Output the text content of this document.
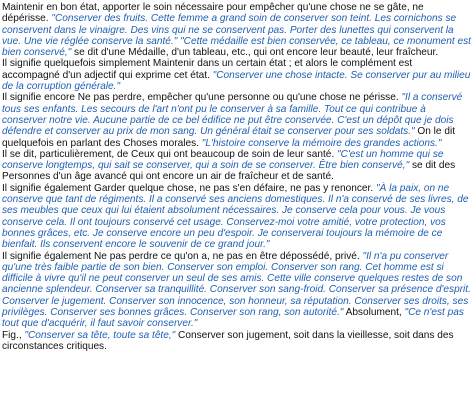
Maintenir en bon état, apporter le soin nécessaire pour empêcher qu'une chose ne se gâte, ne dépérisse. "Conserver des fruits. Cette femme a grand soin de conserver son teint. Les cornichons se conservent dans le vinaigre. Des vins qui ne se conservent pas. Porter des lunettes qui conservent la vue. Une vie réglée conserve la santé." "Cette médaille est bien conservée, ce tableau, ce monument est bien conservé," se dit d'une Médaille, d'un tableau, etc., qui ont encore leur beauté, leur fraîcheur.

Il signifie quelquefois simplement Maintenir dans un certain état ; et alors le complément est accompagné d'un adjectif qui exprime cet état. "Conserver une chose intacte. Se conserver pur au milieu de la corruption générale."

Il signifie encore Ne pas perdre, empêcher qu'une personne ou qu'une chose ne périsse. "Il a conservé tous ses enfants. Les secours de l'art n'ont pu le conserver à sa famille. Tout ce qui contribue à conserver notre vie. Aucune partie de ce bel édifice ne put être conservée. C'est un dépôt que je dois défendre et conserver au prix de mon sang. Un général était se conserver pour ses soldats." On le dit quelquefois en parlant des Choses morales. "L'histoire conserve la mémoire des grandes actions."

Il se dit, particulièrement, de Ceux qui ont beaucoup de soin de leur santé. "C'est un homme qui se conserve longtemps, qui sait se conserver, qui a soin de se conserver. Être bien conservé," se dit des Personnes d'un âge avancé qui ont encore un air de fraîcheur et de santé.

Il signifie également Garder quelque chose, ne pas s'en défaire, ne pas y renoncer. "À la paix, on ne conserve que tant de régiments. Il a conservé ses anciens domestiques. Il n'a conservé de ses livres, de ses meubles que ceux qui lui étaient absolument nécessaires. Je conserve cela pour vous. Je vous conserve cela. Il ont toujours conservé cet usage. Conservez-moi votre amitié, votre protection, vos bonnes grâces, etc. Je conserve encore un peu d'espoir. Je conserverai toujours la mémoire de ce bienfait. Ils conservent encore le souvenir de ce grand jour."

Il signifie également Ne pas perdre ce qu'on a, ne pas en être dépossédé, privé. "Il n'a pu conserver qu'une très faible partie de son bien. Conserver son emploi. Conserver son rang. Cet homme est si difficile à vivre qu'il ne peut conserver un seul de ses amis. Cette ville conserve quelques restes de son ancienne splendeur. Conserver sa tranquillité. Conserver son sang-froid. Conserver sa présence d'esprit. Conserver le jugement. Conserver son innocence, son honneur, sa réputation. Conserver ses droits, ses privilèges. Conserver ses bonnes grâces. Conserver son rang, son autorité." Absolument, "Ce n'est pas tout que d'acquérir, il faut savoir conserver."

Fig., "Conserver sa tête, toute sa tête," Conserver son jugement, soit dans la vieillesse, soit dans des circonstances critiques.
